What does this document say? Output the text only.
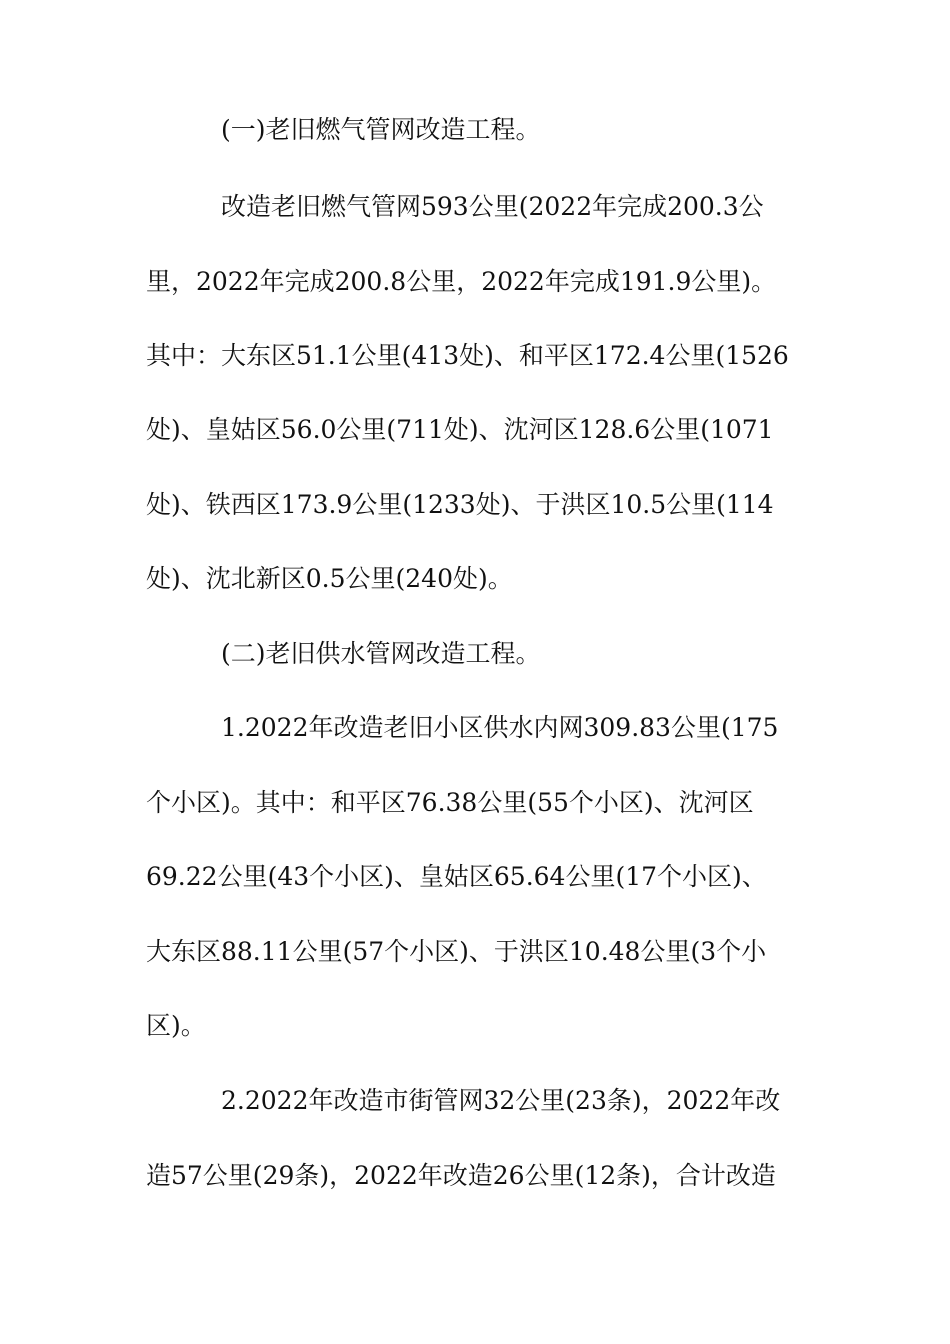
(一)老旧燃气管网改造工程。
改造老旧燃气管网593公里(2022年完成200.3公
里，2022年完成200.8公里，2022年完成191.9公里)。
其中：大东区51.1公里(413处)、和平区172.4公里(1526
处)、皇姑区56.0公里(711处)、沈河区128.6公里(1071
处)、铁西区173.9公里(1233处)、于洪区10.5公里(114
处)、沈北新区0.5公里(240处)。
(二)老旧供水管网改造工程。
1.2022年改造老旧小区供水内网309.83公里(175
个小区)。其中：和平区76.38公里(55个小区)、沈河区
69.22公里(43个小区)、皇姑区65.64公里(17个小区)、
大东区88.11公里(57个小区)、于洪区10.48公里(3个小
区)。
2.2022年改造市街管网32公里(23条)，2022年改
造57公里(29条)，2022年改造26公里(12条)，合计改造
